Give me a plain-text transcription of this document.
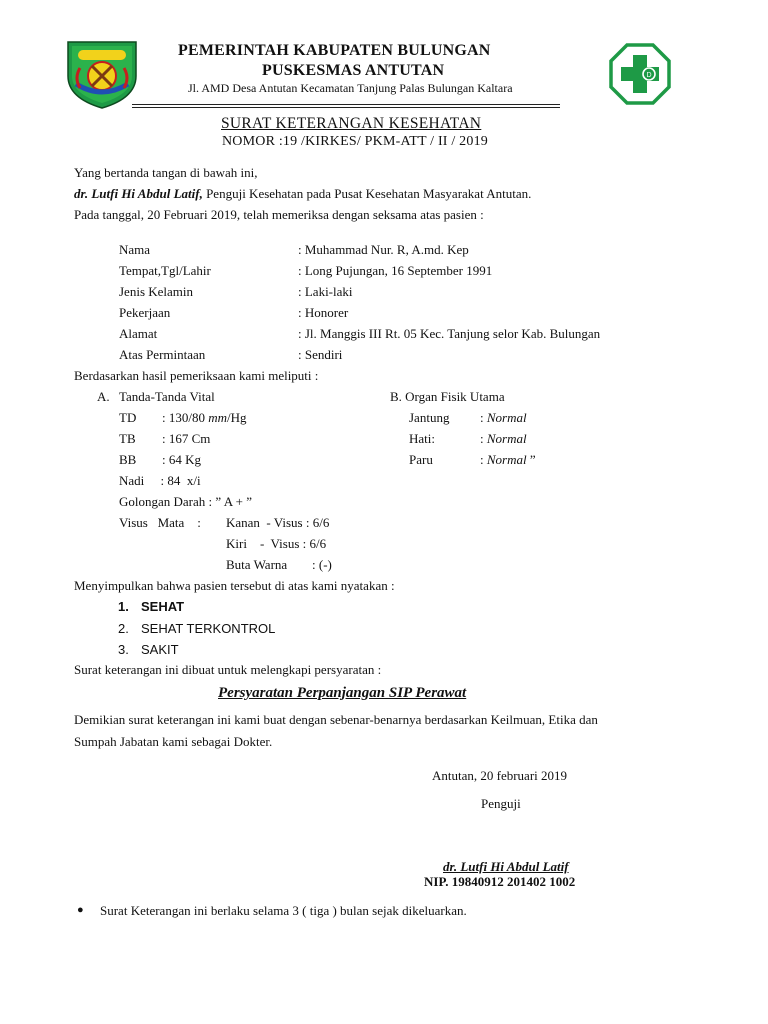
PEMERINTAH KABUPATEN BULUNGAN
PUSKESMAS ANTUTAN
Jl. AMD Desa Antutan Kecamatan Tanjung Palas Bulungan Kaltara
D
SURAT KETERANGAN KESEHATAN
NOMOR :19 /KIRKES/ PKM-ATT / II / 2019
Yang bertanda tangan di bawah ini,
dr. Lutfi Hi Abdul Latif, Penguji Kesehatan pada Pusat Kesehatan Masyarakat Antutan.
Pada tanggal, 20 Februari 2019, telah memeriksa dengan seksama atas pasien :
Nama	: Muhammad Nur. R, A.md. Kep
Tempat,Tgl/Lahir	: Long Pujungan, 16 September 1991
Jenis Kelamin	: Laki-laki
Pekerjaan	: Honorer
Alamat	: Jl. Manggis III Rt. 05 Kec. Tanjung selor Kab. Bulungan
Atas Permintaan	: Sendiri
Berdasarkan hasil pemeriksaan kami meliputi :
A. Tanda-Tanda Vital
TD : 130/80 mm/Hg
TB : 167 Cm
BB : 64 Kg
Nadi     : 84  x/i
Golongan Darah : ” A + ”
Visus   Mata    : Kanan  - Visus : 6/6
Kiri    -  Visus : 6/6
Buta Warna : (-)
B. Organ Fisik Utama
Jantung : Normal
Hati:	: Normal
Paru	: Normal ”
Menyimpulkan bahwa pasien tersebut di atas kami nyatakan :
1. SEHAT
2. SEHAT TERKONTROL
3. SAKIT
Surat keterangan ini dibuat untuk melengkapi persyaratan :
Persyaratan Perpanjangan SIP Perawat
Demikian surat keterangan ini kami buat dengan sebenar-benarnya berdasarkan Keilmuan, Etika dan
Sumpah Jabatan kami sebagai Dokter.
Antutan, 20 februari 2019
Penguji
dr. Lutfi Hi Abdul Latif
NIP. 19840912 201402 1002
● Surat Keterangan ini berlaku selama 3 ( tiga ) bulan sejak dikeluarkan.
